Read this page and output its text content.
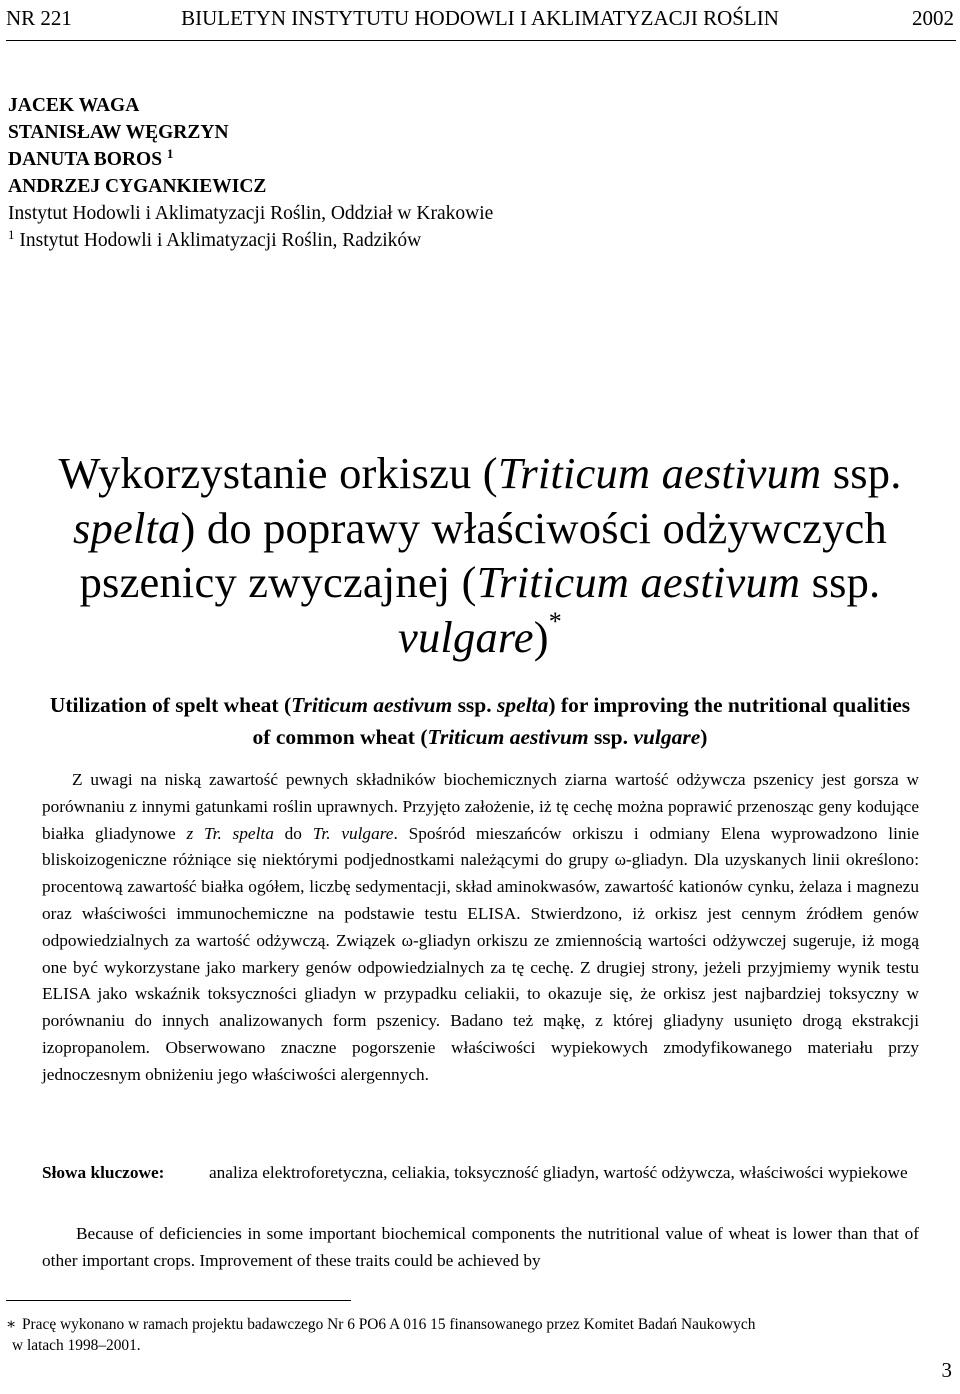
NR 221	BIULETYN INSTYTUTU HODOWLI I AKLIMATYZACJI ROŚLIN	2002
JACEK WAGA
STANISŁAW WĘGRZYN
DANUTA BOROS $^1$
ANDRZEJ CYGANKIEWICZ
Instytut Hodowli i Aklimatyzacji Roślin, Oddział w Krakowie
$^1$ Instytut Hodowli i Aklimatyzacji Roślin, Radzików
Wykorzystanie orkiszu (Triticum aestivum ssp. spelta) do poprawy właściwości odżywczych pszenicy zwyczajnej (Triticum aestivum ssp. vulgare)*
Utilization of spelt wheat (Triticum aestivum ssp. spelta) for improving the nutritional qualities of common wheat (Triticum aestivum ssp. vulgare)

Z uwagi na niską zawartość pewnych składników biochemicznych ziarna wartość odżywcza pszenicy jest gorsza w porównaniu z innymi gatunkami roślin uprawnych. Przyjęto założenie, iż tę cechę można poprawić przenosząc geny kodujące białka gliadynowe z Tr. spelta do Tr. vulgare. Spośród mieszańców orkiszu i odmiany Elena wyprowadzono linie bliskoizogeniczne różniące się niektórymi podjednostkami należącymi do grupy ω-gliadyn. Dla uzyskanych linii określono: procentową zawartość białka ogółem, liczbę sedymentacji, skład aminokwasów, zawartość kationów cynku, żelaza i magnezu oraz właściwości immunochemiczne na podstawie testu ELISA. Stwierdzono, iż orkisz jest cennym źródłem genów odpowiedzialnych za wartość odżywczą. Związek ω-gliadyn orkiszu ze zmiennością wartości odżywczej sugeruje, iż mogą one być wykorzystane jako markery genów odpowiedzialnych za tę cechę. Z drugiej strony, jeżeli przyjmiemy wynik testu ELISA jako wskaźnik toksyczności gliadyn w przypadku celiakii, to okazuje się, że orkisz jest najbardziej toksyczny w porównaniu do innych analizowanych form pszenicy. Badano też mąkę, z której gliadyny usunięto drogą ekstrakcji izopropanolem. Obserwowano znaczne pogorszenie właściwości wypiekowych zmodyfikowanego materiału przy jednoczesnym obniżeniu jego właściwości alergennych.

Słowa kluczowe:	analiza elektroforetyczna, celiakia, toksyczność gliadyn, wartość odżywcza, właściwości wypiekowe

Because of deficiencies in some important biochemical components the nutritional value of wheat is lower than that of other important crops. Improvement of these traits could be achieved by

∗ Pracę wykonano w ramach projektu badawczego Nr 6 PO6 A 016 15 finansowanego przez Komitet Badań Naukowych
w latach 1998–2001.
3
